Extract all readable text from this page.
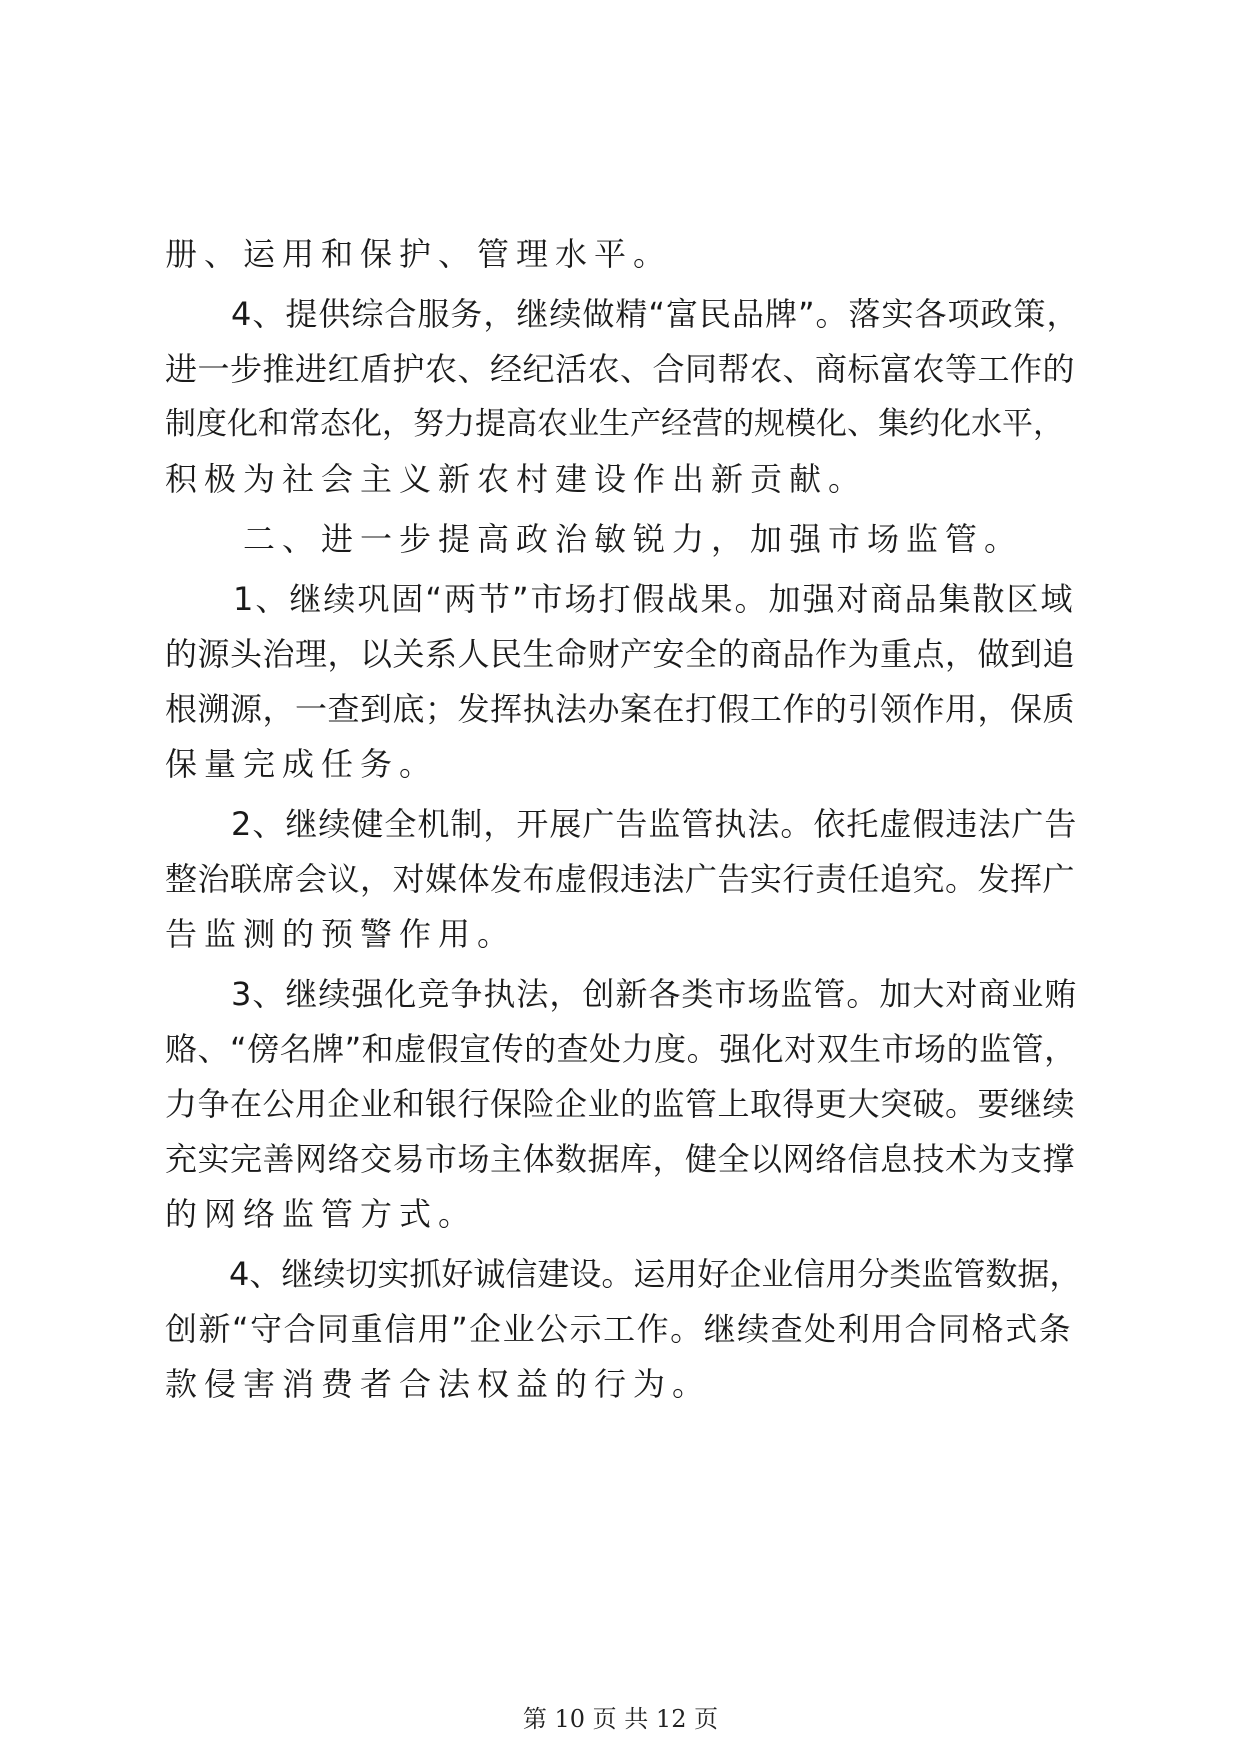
册、运用和保护、管理水平。
　　4、提供综合服务，继续做精“富民品牌”。落实各项政策，
进一步推进红盾护农、经纪活农、合同帮农、商标富农等工作的
制度化和常态化，努力提高农业生产经营的规模化、集约化水平，
积极为社会主义新农村建设作出新贡献。
　　二、进一步提高政治敏锐力，加强市场监管。
　　1、继续巩固“两节”市场打假战果。加强对商品集散区域
的源头治理，以关系人民生命财产安全的商品作为重点，做到追
根溯源，一查到底；发挥执法办案在打假工作的引领作用，保质
保量完成任务。
　　2、继续健全机制，开展广告监管执法。依托虚假违法广告
整治联席会议，对媒体发布虚假违法广告实行责任追究。发挥广
告监测的预警作用。
　　3、继续强化竞争执法，创新各类市场监管。加大对商业贿
赂、“傍名牌”和虚假宣传的查处力度。强化对双生市场的监管，
力争在公用企业和银行保险企业的监管上取得更大突破。要继续
充实完善网络交易市场主体数据库，健全以网络信息技术为支撑
的网络监管方式。
　　4、继续切实抓好诚信建设。运用好企业信用分类监管数据，
创新“守合同重信用”企业公示工作。继续查处利用合同格式条
款侵害消费者合法权益的行为。
第 10 页 共 12 页
